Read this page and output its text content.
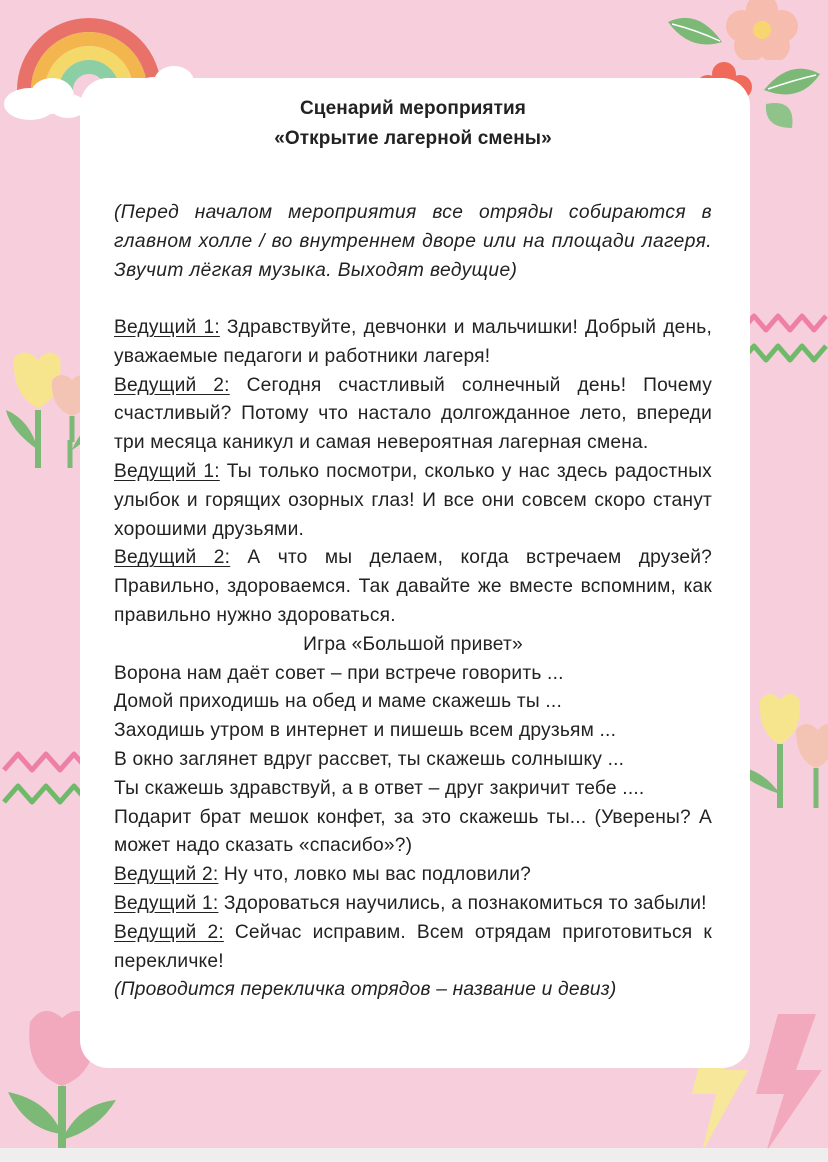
Сценарий мероприятия
«Открытие лагерной смены»

(Перед началом мероприятия все отряды собираются в главном холле / во внутреннем дворе или на площади лагеря. Звучит лёгкая музыка. Выходят ведущие)

Ведущий 1: Здравствуйте, девчонки и мальчишки! Добрый день, уважаемые педагоги и работники лагеря!

Ведущий 2: Сегодня счастливый солнечный день! Почему счастливый? Потому что настало долгожданное лето, впереди три месяца каникул и самая невероятная лагерная смена.

Ведущий 1: Ты только посмотри, сколько у нас здесь радостных улыбок и горящих озорных глаз! И все они совсем скоро станут хорошими друзьями.

Ведущий 2: А что мы делаем, когда встречаем друзей? Правильно, здороваемся. Так давайте же вместе вспомним, как правильно нужно здороваться.

Игра «Большой привет»

Ворона нам даёт совет – при встрече говорить ...

Домой приходишь на обед и маме скажешь ты ...

Заходишь утром в интернет и пишешь всем друзьям ...

В окно заглянет вдруг рассвет, ты скажешь солнышку ...

Ты скажешь здравствуй, а в ответ – друг закричит тебе ....

Подарит брат мешок конфет, за это скажешь ты... (Уверены? А может надо сказать «спасибо»?)

Ведущий 2: Ну что, ловко мы вас подловили?

Ведущий 1: Здороваться научились, а познакомиться то забыли!

Ведущий 2: Сейчас исправим. Всем отрядам приготовиться к перекличке!

(Проводится перекличка отрядов – название и девиз)
